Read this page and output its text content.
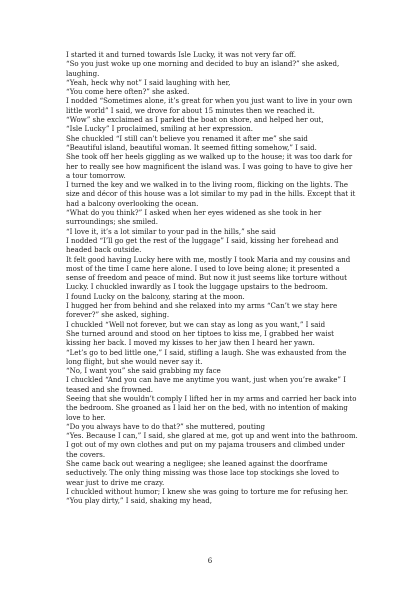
I started it and turned towards Isle Lucky, it was not very far off.

“So you just woke up one morning and decided to buy an island?” she asked, laughing.

“Yeah, heck why not” I said laughing with her,

“You come here often?” she asked.

I nodded “Sometimes alone, it’s great for when you just want to live in your own little world” I said, we drove for about 15 minutes then we reached it.

“Wow” she exclaimed as I parked the boat on shore, and helped her out,

“Isle Lucky” I proclaimed, smiling at her expression.

She chuckled “I still can’t believe you renamed it after me” she said

“Beautiful island, beautiful woman. It seemed fitting somehow,” I said.

She took off her heels giggling as we walked up to the house; it was too dark for her to really see how magnificent the island was. I was going to have to give her a tour tomorrow.

I turned the key and we walked in to the living room, flicking on the lights. The size and décor of this house was a lot similar to my pad in the hills. Except that it had a balcony overlooking the ocean.

“What do you think?” I asked when her eyes widened as she took in her surroundings; she smiled.

“I love it, it’s a lot similar to your pad in the hills,” she said

I nodded “I’ll go get the rest of the luggage” I said, kissing her forehead and headed back outside.

It felt good having Lucky here with me, mostly I took Maria and my cousins and most of the time I came here alone. I used to love being alone; it presented a sense of freedom and peace of mind. But now it just seems like torture without Lucky. I chuckled inwardly as I took the luggage upstairs to the bedroom.

I found Lucky on the balcony, staring at the moon.

I hugged her from behind and she relaxed into my arms “Can’t we stay here forever?” she asked, sighing.

I chuckled “Well not forever, but we can stay as long as you want,” I said

She turned around and stood on her tiptoes to kiss me, I grabbed her waist kissing her back. I moved my kisses to her jaw then I heard her yawn.

“Let’s go to bed little one,” I said, stifling a laugh. She was exhausted from the long flight, but she would never say it.

“No, I want you” she said grabbing my face

I chuckled “And you can have me anytime you want, just when you’re awake” I teased and she frowned.

Seeing that she wouldn’t comply I lifted her in my arms and carried her back into the bedroom. She groaned as I laid her on the bed, with no intention of making love to her.

“Do you always have to do that?” she muttered, pouting

“Yes. Because I can,” I said, she glared at me, got up and went into the bathroom.

I got out of my own clothes and put on my pajama trousers and climbed under the covers.

She came back out wearing a negligee; she leaned against the doorframe seductively. The only thing missing was those lace top stockings she loved to wear just to drive me crazy.

I chuckled without humor; I knew she was going to torture me for refusing her.

“You play dirty,” I said, shaking my head,

6
